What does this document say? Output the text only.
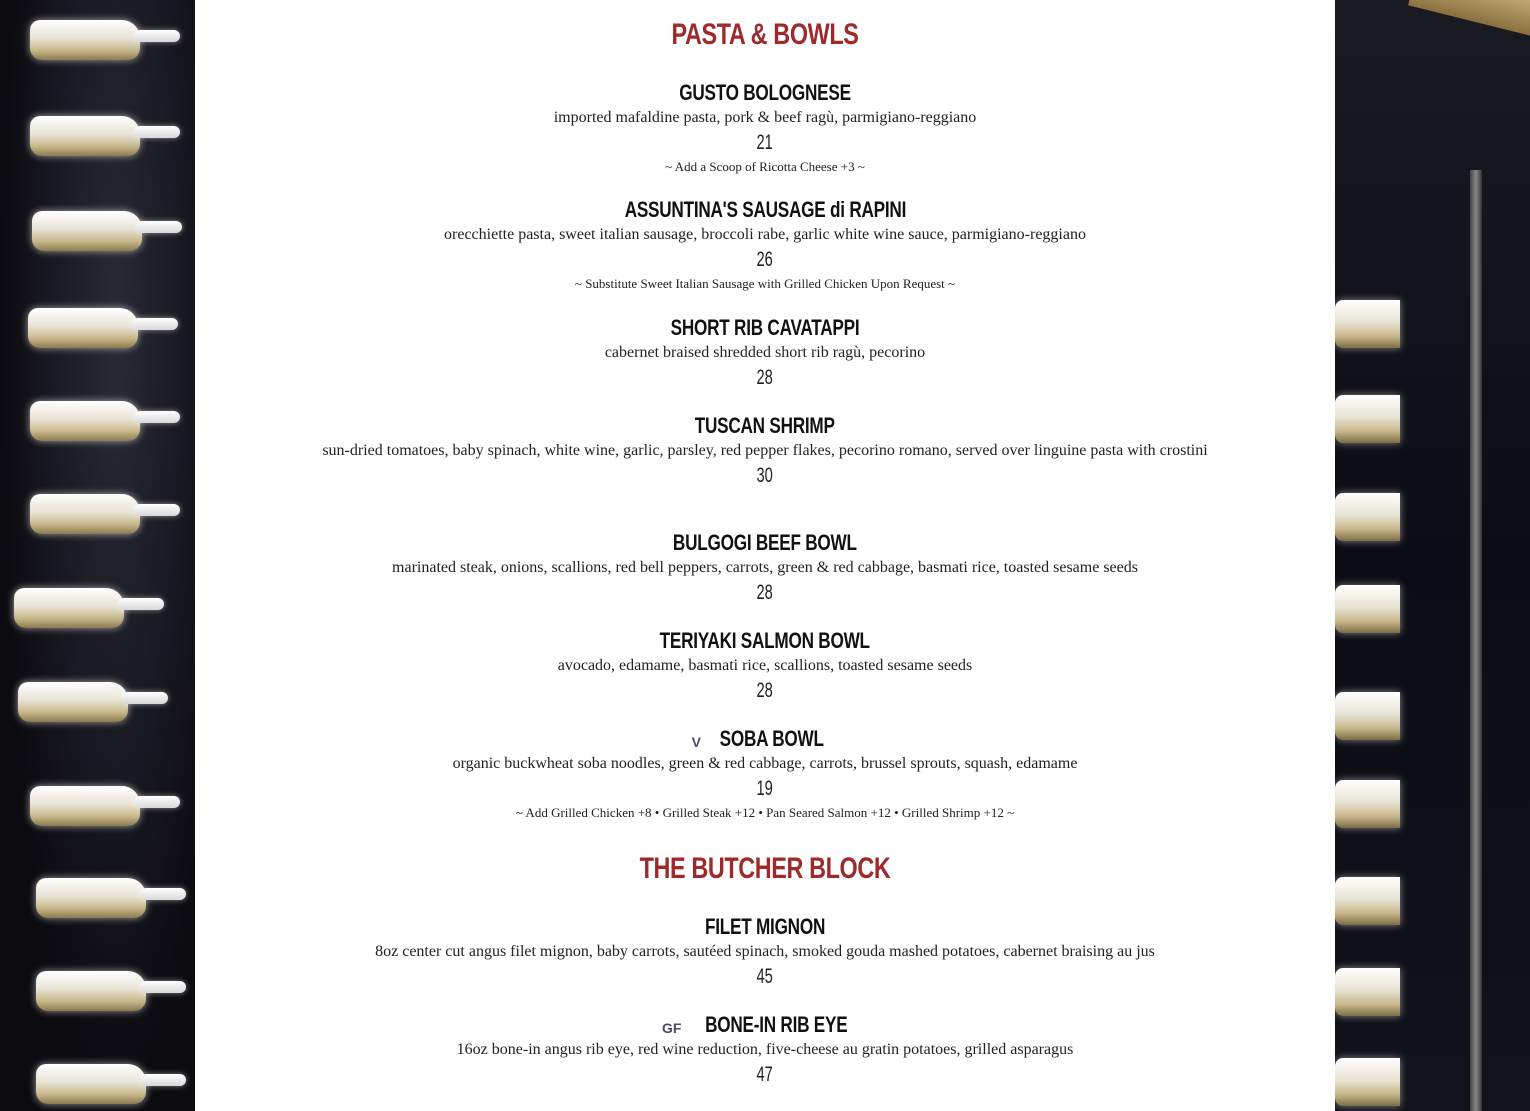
PASTA & BOWLS
GUSTO BOLOGNESE
imported mafaldine pasta, pork & beef ragù, parmigiano-reggiano
21
~ Add a Scoop of Ricotta Cheese +3 ~
ASSUNTINA'S SAUSAGE di RAPINI
orecchiette pasta, sweet italian sausage, broccoli rabe, garlic white wine sauce, parmigiano-reggiano
26
~ Substitute Sweet Italian Sausage with Grilled Chicken Upon Request ~
SHORT RIB CAVATAPPI
cabernet braised shredded short rib ragù, pecorino
28
TUSCAN SHRIMP
sun-dried tomatoes, baby spinach, white wine, garlic, parsley, red pepper flakes, pecorino romano, served over linguine pasta with crostini
30
BULGOGI BEEF BOWL
marinated steak, onions, scallions, red bell peppers, carrots, green & red cabbage, basmati rice, toasted sesame seeds
28
TERIYAKI SALMON BOWL
avocado, edamame, basmati rice, scallions, toasted sesame seeds
28
V SOBA BOWL
organic buckwheat soba noodles, green & red cabbage, carrots, brussel sprouts, squash, edamame
19
~ Add Grilled Chicken +8 • Grilled Steak +12 • Pan Seared Salmon +12 • Grilled Shrimp +12 ~
THE BUTCHER BLOCK
FILET MIGNON
8oz center cut angus filet mignon, baby carrots, sautéed spinach, smoked gouda mashed potatoes, cabernet braising au jus
45
GF BONE-IN RIB EYE
16oz bone-in angus rib eye, red wine reduction, five-cheese au gratin potatoes, grilled asparagus
47
